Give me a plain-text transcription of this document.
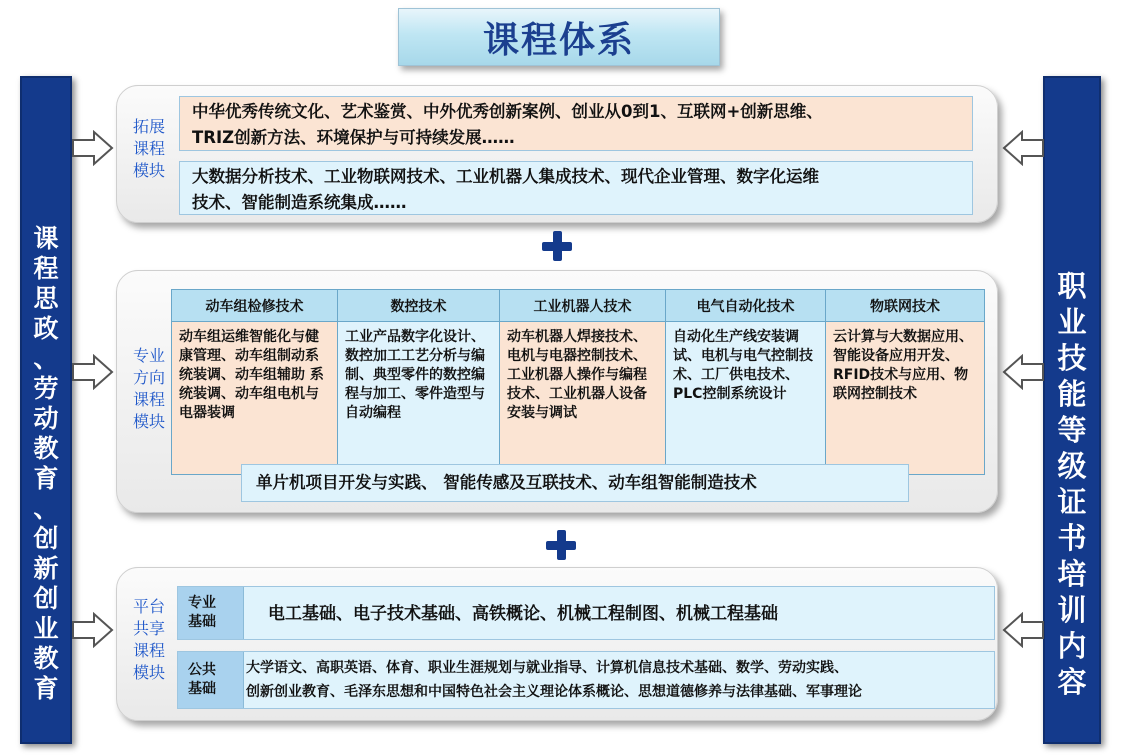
课程体系
课
程
思
政
、
劳
动
教
育
、
创
新
创
业
教
育
职
业
技
能
等
级
证
书
培
训
内
容
拓展
课程
模块
中华优秀传统文化、艺术鉴赏、中外优秀创新案例、创业从0到1、互联网+创新思维、
TRIZ创新方法、环境保护与可持续发展……
大数据分析技术、工业物联网技术、工业机器人集成技术、现代企业管理、数字化运维
技术、智能制造系统集成……
专业
方向
课程
模块
动车组检修技术	数控技术	工业机器人技术	电气自动化技术	物联网技术
动车组运维智能化与健康管理、动车组制动系统装调、动车组辅助 系统装调、动车组电机与电器装调	工业产品数字化设计、数控加工工艺分析与编制、典型零件的数控编程与加工、零件造型与自动编程	动车机器人焊接技术、电机与电器控制技术、工业机器人操作与编程技术、工业机器人设备安装与调试	自动化生产线安装调试、电机与电气控制技术、工厂供电技术、PLC控制系统设计	云计算与大数据应用、智能设备应用开发、RFID技术与应用、物联网控制技术
单片机项目开发与实践、 智能传感及互联技术、动车组智能制造技术
平台
共享
课程
模块
专业
基础	电工基础、电子技术基础、高铁概论、机械工程制图、机械工程基础
公共
基础
大学语文、高职英语、体育、职业生涯规划与就业指导、计算机信息技术基础、数学、劳动实践、
创新创业教育、毛泽东思想和中国特色社会主义理论体系概论、思想道德修养与法律基础、军事理论
